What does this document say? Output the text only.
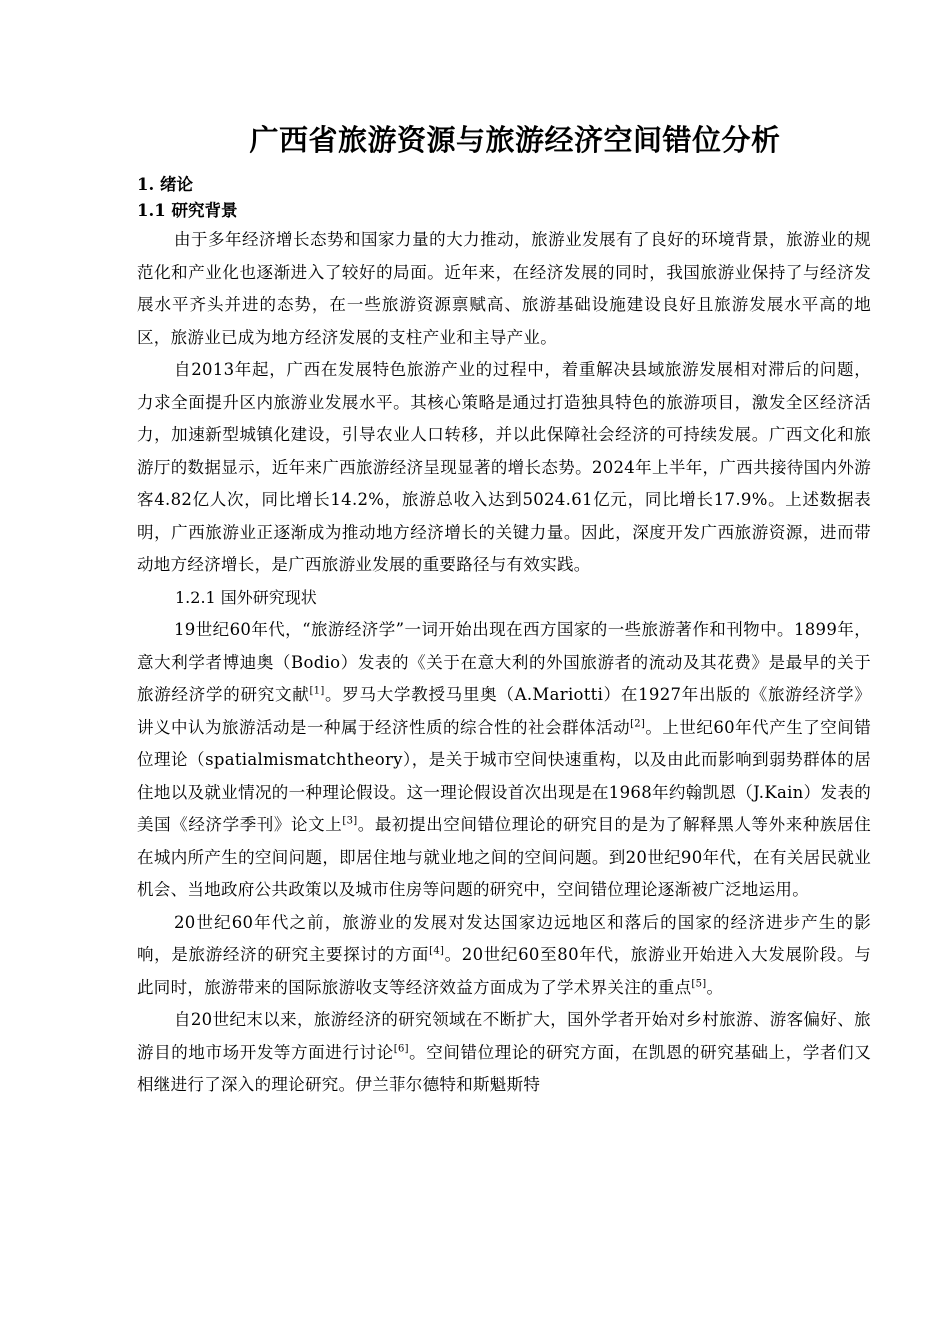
广西省旅游资源与旅游经济空间错位分析
1. 绪论
1.1 研究背景

由于多年经济增长态势和国家力量的大力推动，旅游业发展有了良好的环境背景，旅游业的规范化和产业化也逐渐进入了较好的局面。近年来，在经济发展的同时，我国旅游业保持了与经济发展水平齐头并进的态势，在一些旅游资源禀赋高、旅游基础设施建设良好且旅游发展水平高的地区，旅游业已成为地方经济发展的支柱产业和主导产业。

自2013年起，广西在发展特色旅游产业的过程中，着重解决县域旅游发展相对滞后的问题，力求全面提升区内旅游业发展水平。其核心策略是通过打造独具特色的旅游项目，激发全区经济活力，加速新型城镇化建设，引导农业人口转移，并以此保障社会经济的可持续发展。广西文化和旅游厅的数据显示，近年来广西旅游经济呈现显著的增长态势。2024年上半年，广西共接待国内外游客4.82亿人次，同比增长14.2%，旅游总收入达到5024.61亿元，同比增长17.9%。上述数据表明，广西旅游业正逐渐成为推动地方经济增长的关键力量。因此，深度开发广西旅游资源，进而带动地方经济增长，是广西旅游业发展的重要路径与有效实践。

1.2.1 国外研究现状

19世纪60年代，“旅游经济学”一词开始出现在西方国家的一些旅游著作和刊物中。1899年，意大利学者博迪奥（Bodio）发表的《关于在意大利的外国旅游者的流动及其花费》是最早的关于旅游经济学的研究文献[1]。罗马大学教授马里奥（A.Mariotti）在1927年出版的《旅游经济学》讲义中认为旅游活动是一种属于经济性质的综合性的社会群体活动[2]。上世纪60年代产生了空间错位理论（spatialmismatchtheory），是关于城市空间快速重构，以及由此而影响到弱势群体的居住地以及就业情况的一种理论假设。这一理论假设首次出现是在1968年约翰凯恩（J.Kain）发表的美国《经济学季刊》论文上[3]。最初提出空间错位理论的研究目的是为了解释黑人等外来种族居住在城内所产生的空间问题，即居住地与就业地之间的空间问题。到20世纪90年代，在有关居民就业机会、当地政府公共政策以及城市住房等问题的研究中，空间错位理论逐渐被广泛地运用。

20世纪60年代之前，旅游业的发展对发达国家边远地区和落后的国家的经济进步产生的影响，是旅游经济的研究主要探讨的方面[4]。20世纪60至80年代，旅游业开始进入大发展阶段。与此同时，旅游带来的国际旅游收支等经济效益方面成为了学术界关注的重点[5]。

自20世纪末以来，旅游经济的研究领域在不断扩大，国外学者开始对乡村旅游、游客偏好、旅游目的地市场开发等方面进行讨论[6]。空间错位理论的研究方面，在凯恩的研究基础上，学者们又相继进行了深入的理论研究。伊兰菲尔德特和斯魁斯特
